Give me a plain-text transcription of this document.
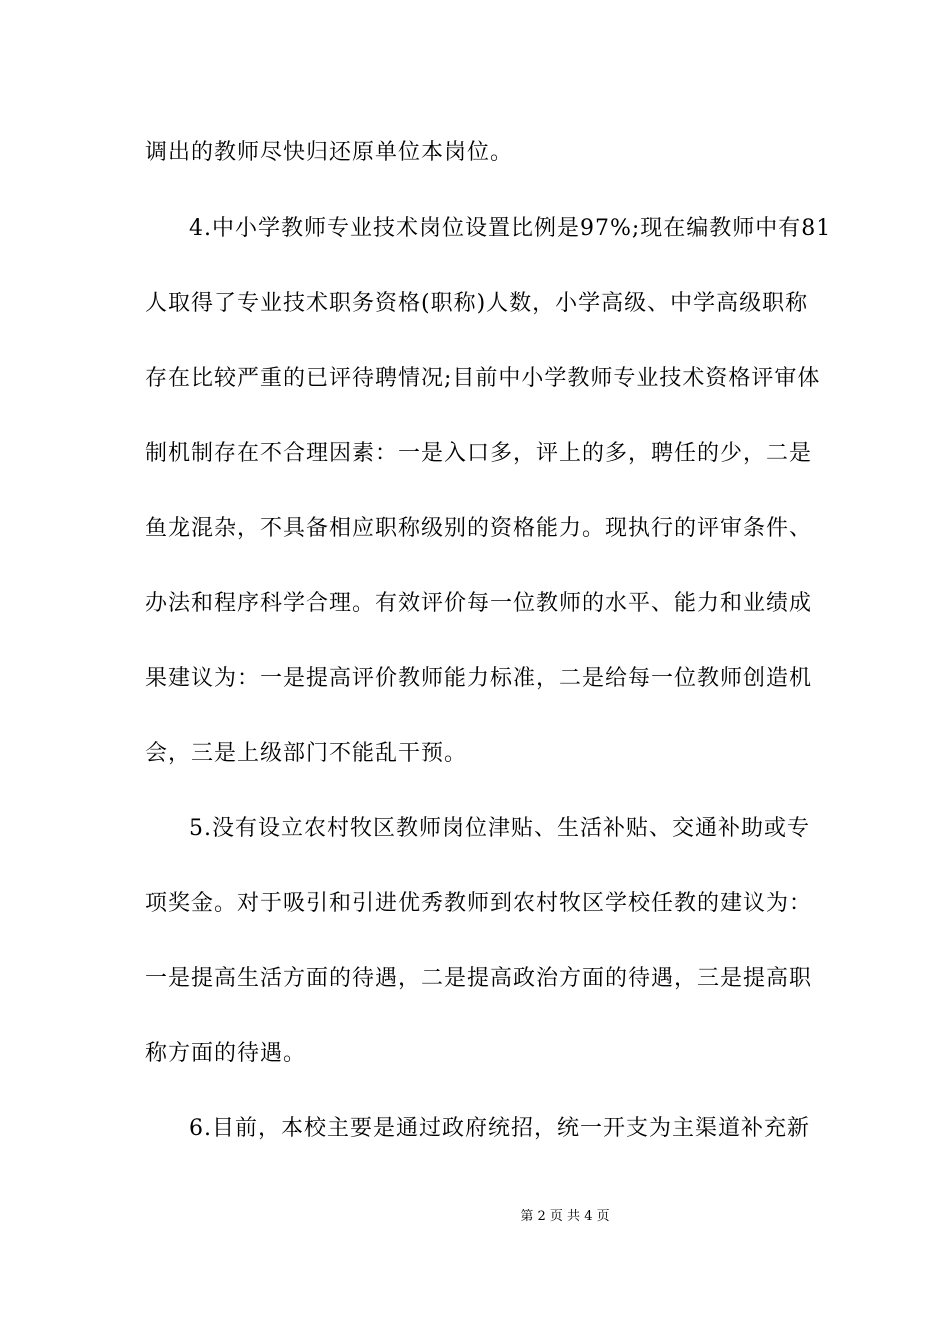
调出的教师尽快归还原单位本岗位。
4.中小学教师专业技术岗位设置比例是97%;现在编教师中有81
人取得了专业技术职务资格(职称)人数，小学高级、中学高级职称
存在比较严重的已评待聘情况;目前中小学教师专业技术资格评审体
制机制存在不合理因素：一是入口多，评上的多，聘任的少，二是
鱼龙混杂，不具备相应职称级别的资格能力。现执行的评审条件、
办法和程序科学合理。有效评价每一位教师的水平、能力和业绩成
果建议为：一是提高评价教师能力标准，二是给每一位教师创造机
会，三是上级部门不能乱干预。
5.没有设立农村牧区教师岗位津贴、生活补贴、交通补助或专
项奖金。对于吸引和引进优秀教师到农村牧区学校任教的建议为：
一是提高生活方面的待遇，二是提高政治方面的待遇，三是提高职
称方面的待遇。
6.目前，本校主要是通过政府统招，统一开支为主渠道补充新
第 2 页 共 4 页
